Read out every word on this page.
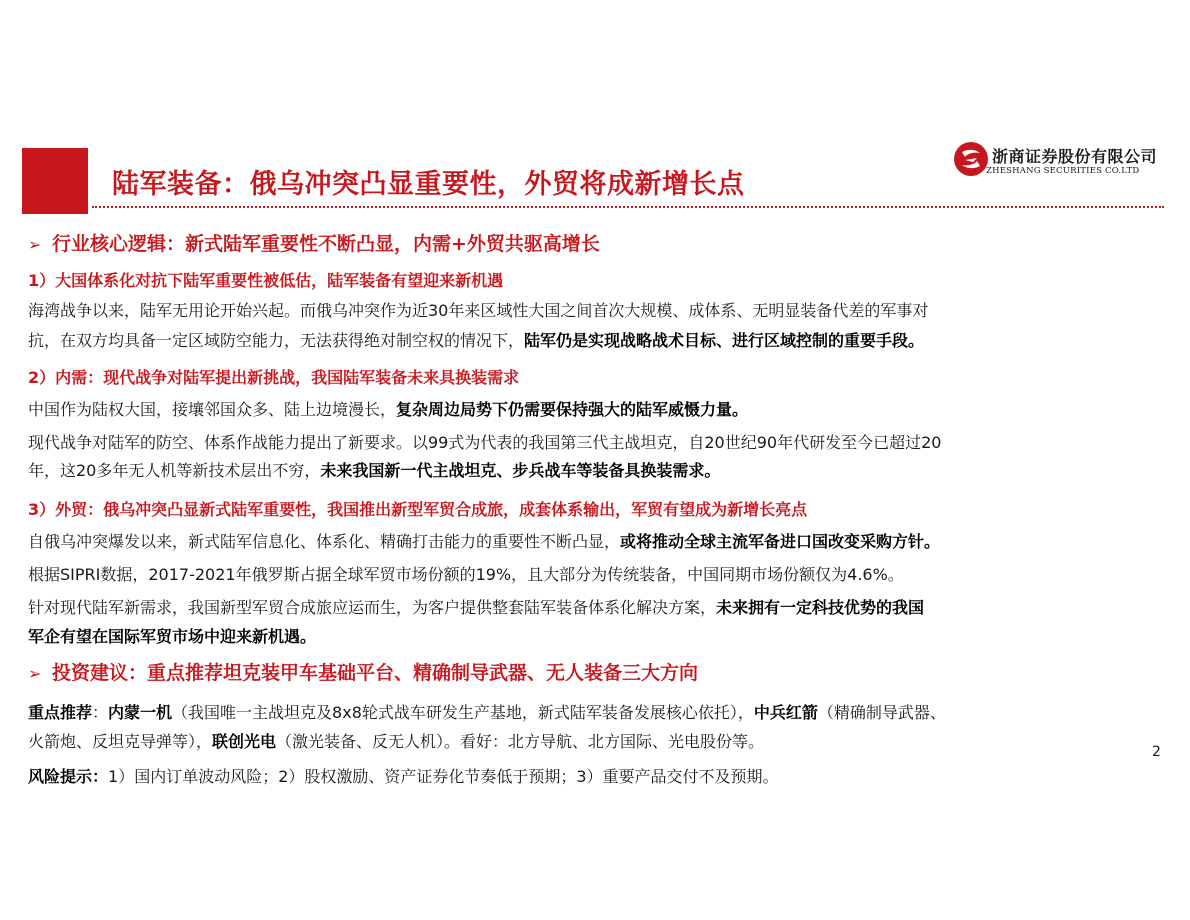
陆军装备：俄乌冲突凸显重要性，外贸将成新增长点
浙商证券股份有限公司
ZHESHANG SECURITIES CO.LTD
➢ 行业核心逻辑：新式陆军重要性不断凸显，内需+外贸共驱高增长
1）大国体系化对抗下陆军重要性被低估，陆军装备有望迎来新机遇
海湾战争以来，陆军无用论开始兴起。而俄乌冲突作为近30年来区域性大国之间首次大规模、成体系、无明显装备代差的军事对
抗，在双方均具备一定区域防空能力，无法获得绝对制空权的情况下，陆军仍是实现战略战术目标、进行区域控制的重要手段。
2）内需：现代战争对陆军提出新挑战，我国陆军装备未来具换装需求
中国作为陆权大国，接壤邻国众多、陆上边境漫长，复杂周边局势下仍需要保持强大的陆军威慑力量。
现代战争对陆军的防空、体系作战能力提出了新要求。以99式为代表的我国第三代主战坦克，自20世纪90年代研发至今已超过20
年，这20多年无人机等新技术层出不穷，未来我国新一代主战坦克、步兵战车等装备具换装需求。
3）外贸：俄乌冲突凸显新式陆军重要性，我国推出新型军贸合成旅，成套体系输出，军贸有望成为新增长亮点
自俄乌冲突爆发以来，新式陆军信息化、体系化、精确打击能力的重要性不断凸显，或将推动全球主流军备进口国改变采购方针。
根据SIPRI数据，2017-2021年俄罗斯占据全球军贸市场份额的19%，且大部分为传统装备，中国同期市场份额仅为4.6%。
针对现代陆军新需求，我国新型军贸合成旅应运而生，为客户提供整套陆军装备体系化解决方案，未来拥有一定科技优势的我国
军企有望在国际军贸市场中迎来新机遇。
➢ 投资建议：重点推荐坦克装甲车基础平台、精确制导武器、无人装备三大方向
重点推荐：内蒙一机（我国唯一主战坦克及8x8轮式战车研发生产基地，新式陆军装备发展核心依托），中兵红箭（精确制导武器、
火箭炮、反坦克导弹等），联创光电（激光装备、反无人机）。看好：北方导航、北方国际、光电股份等。
风险提示：1）国内订单波动风险；2）股权激励、资产证券化节奏低于预期；3）重要产品交付不及预期。
2
